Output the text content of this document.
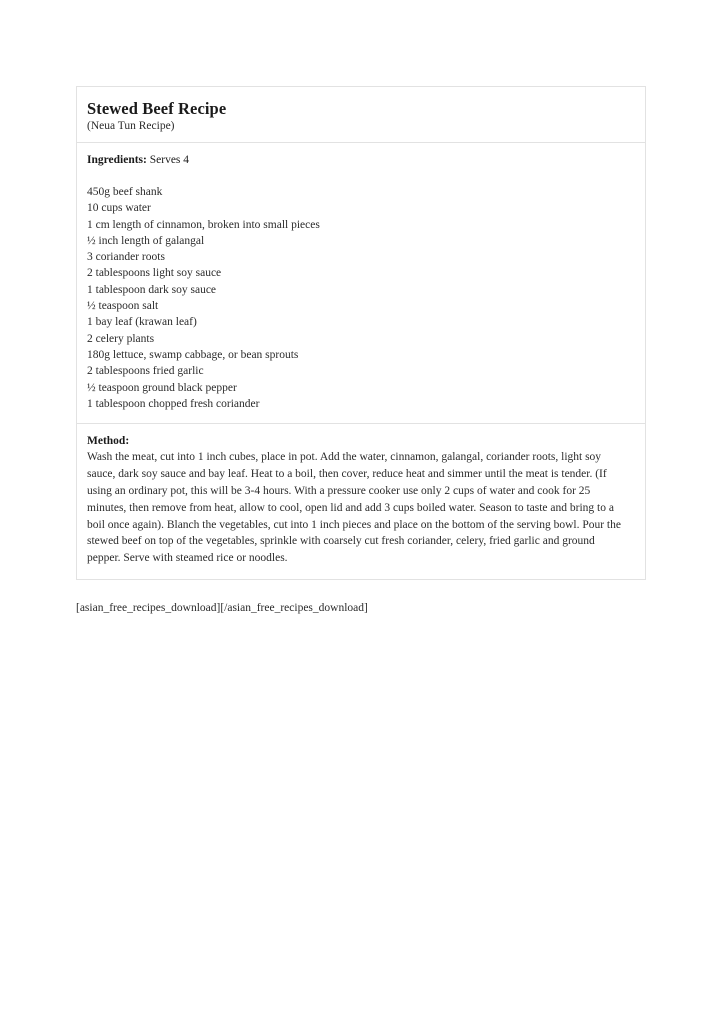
Stewed Beef Recipe

(Neua Tun Recipe)

Ingredients: Serves 4

450g beef shank
10 cups water
1 cm length of cinnamon, broken into small pieces
½ inch length of galangal
3 coriander roots
2 tablespoons light soy sauce
1 tablespoon dark soy sauce
½ teaspoon salt
1 bay leaf (krawan leaf)
2 celery plants
180g lettuce, swamp cabbage, or bean sprouts
2 tablespoons fried garlic
½ teaspoon ground black pepper
1 tablespoon chopped fresh coriander

Method:

Wash the meat, cut into 1 inch cubes, place in pot. Add the water, cinnamon, galangal, coriander roots, light soy sauce, dark soy sauce and bay leaf. Heat to a boil, then cover, reduce heat and simmer until the meat is tender. (If using an ordinary pot, this will be 3-4 hours. With a pressure cooker use only 2 cups of water and cook for 25 minutes, then remove from heat, allow to cool, open lid and add 3 cups boiled water. Season to taste and bring to a boil once again). Blanch the vegetables, cut into 1 inch pieces and place on the bottom of the serving bowl. Pour the stewed beef on top of the vegetables, sprinkle with coarsely cut fresh coriander, celery, fried garlic and ground pepper. Serve with steamed rice or noodles.

[asian_free_recipes_download][/asian_free_recipes_download]
